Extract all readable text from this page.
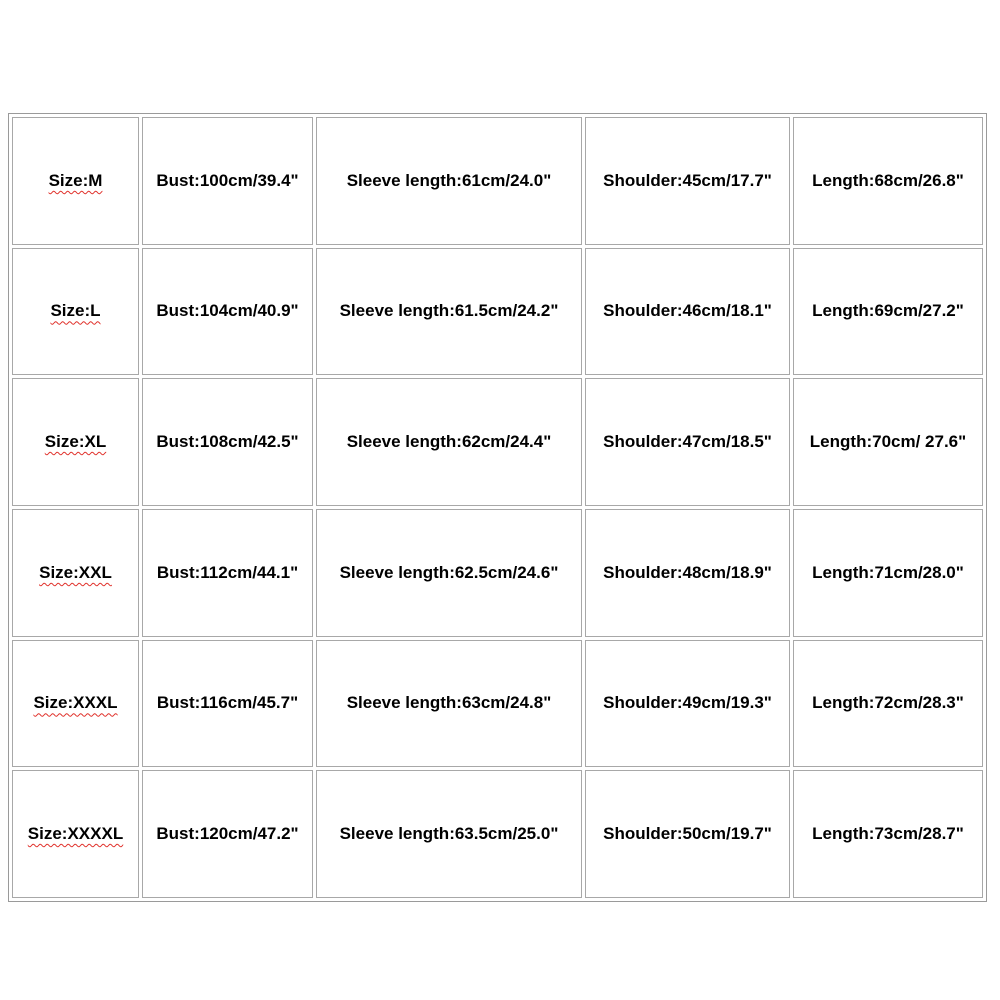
Size:M	Bust:100cm/39.4"	Sleeve length:61cm/24.0"	Shoulder:45cm/17.7"	Length:68cm/26.8"
Size:L	Bust:104cm/40.9"	Sleeve length:61.5cm/24.2"	Shoulder:46cm/18.1"	Length:69cm/27.2"
Size:XL	Bust:108cm/42.5"	Sleeve length:62cm/24.4"	Shoulder:47cm/18.5"	Length:70cm/ 27.6"
Size:XXL	Bust:112cm/44.1"	Sleeve length:62.5cm/24.6"	Shoulder:48cm/18.9"	Length:71cm/28.0"
Size:XXXL	Bust:116cm/45.7"	Sleeve length:63cm/24.8"	Shoulder:49cm/19.3"	Length:72cm/28.3"
Size:XXXXL	Bust:120cm/47.2"	Sleeve length:63.5cm/25.0"	Shoulder:50cm/19.7"	Length:73cm/28.7"
